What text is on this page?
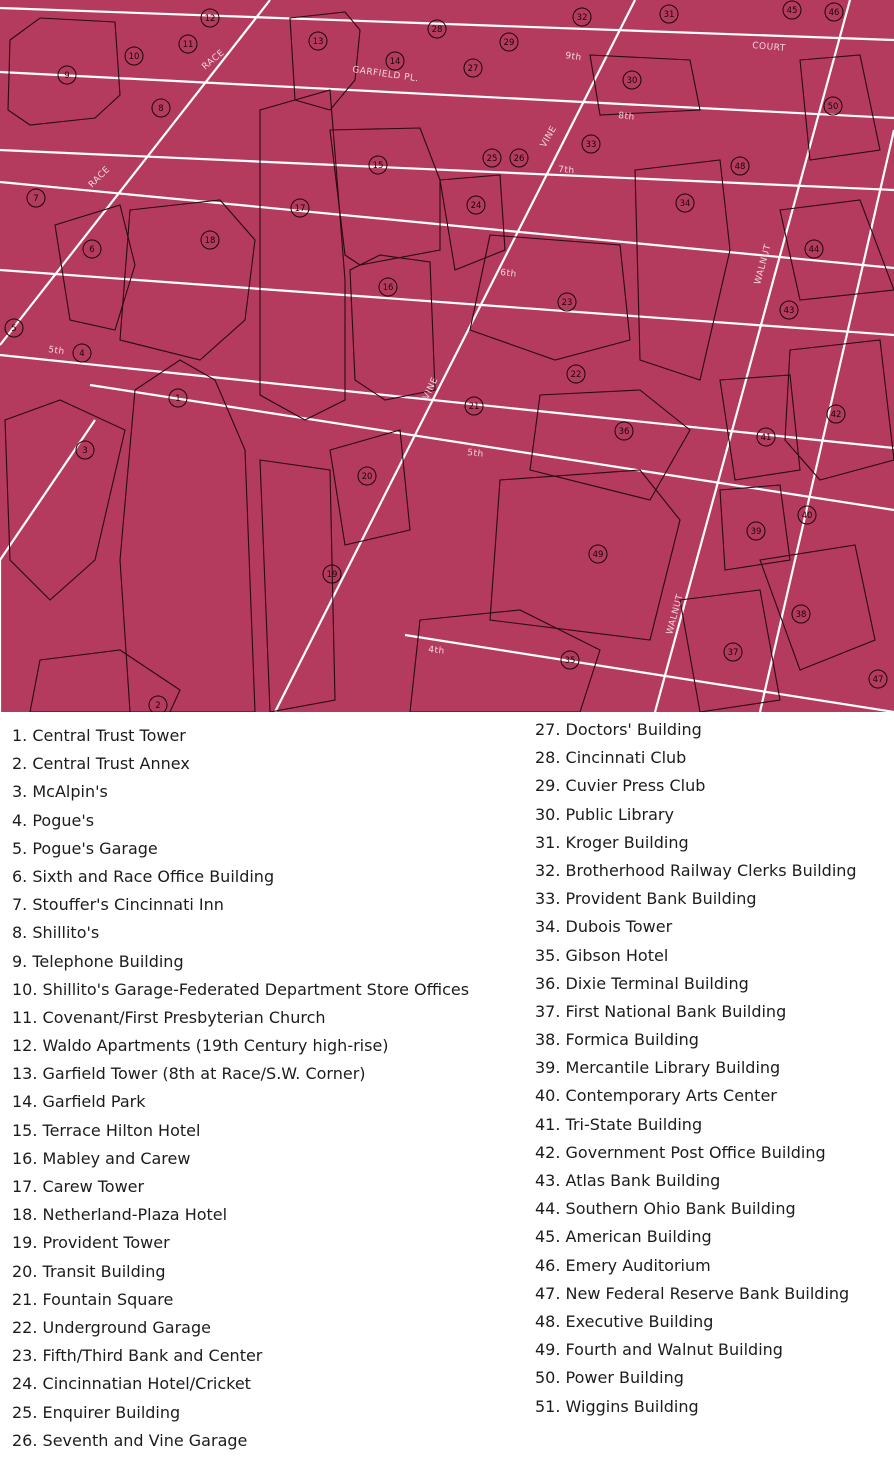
RACE
RACE
GARFIELD PL.
9th
COURT
8th
VINE
7th
WALNUT
6th
5th
VINE
5th
WALNUT
4th
1
2
3
4
5
6
7
8
9
10
11
12
13
14
15
16
17
18
19
20
21
22
23
24
25 26
27
28
29
30
31
32
33
34
35
36
37
38
39
40
41
42
43
44
45	46
47
48
49
50
1. Central Trust Tower
2. Central Trust Annex
3. McAlpin's
4. Pogue's
5. Pogue's Garage
6. Sixth and Race Office Building
7. Stouffer's Cincinnati Inn
8. Shillito's
9. Telephone Building
10. Shillito's Garage-Federated Department Store Offices
11. Covenant/First Presbyterian Church
12. Waldo Apartments (19th Century high-rise)
13. Garfield Tower (8th at Race/S.W. Corner)
14. Garfield Park
15. Terrace Hilton Hotel
16. Mabley and Carew
17. Carew Tower
18. Netherland-Plaza Hotel
19. Provident Tower
20. Transit Building
21. Fountain Square
22. Underground Garage
23. Fifth/Third Bank and Center
24. Cincinnatian Hotel/Cricket
25. Enquirer Building
26. Seventh and Vine Garage
27. Doctors' Building
28. Cincinnati Club
29. Cuvier Press Club
30. Public Library
31. Kroger Building
32. Brotherhood Railway Clerks Building
33. Provident Bank Building
34. Dubois Tower
35. Gibson Hotel
36. Dixie Terminal Building
37. First National Bank Building
38. Formica Building
39. Mercantile Library Building
40. Contemporary Arts Center
41. Tri-State Building
42. Government Post Office Building
43. Atlas Bank Building
44. Southern Ohio Bank Building
45. American Building
46. Emery Auditorium
47. New Federal Reserve Bank Building
48. Executive Building
49. Fourth and Walnut Building
50. Power Building
51. Wiggins Building
